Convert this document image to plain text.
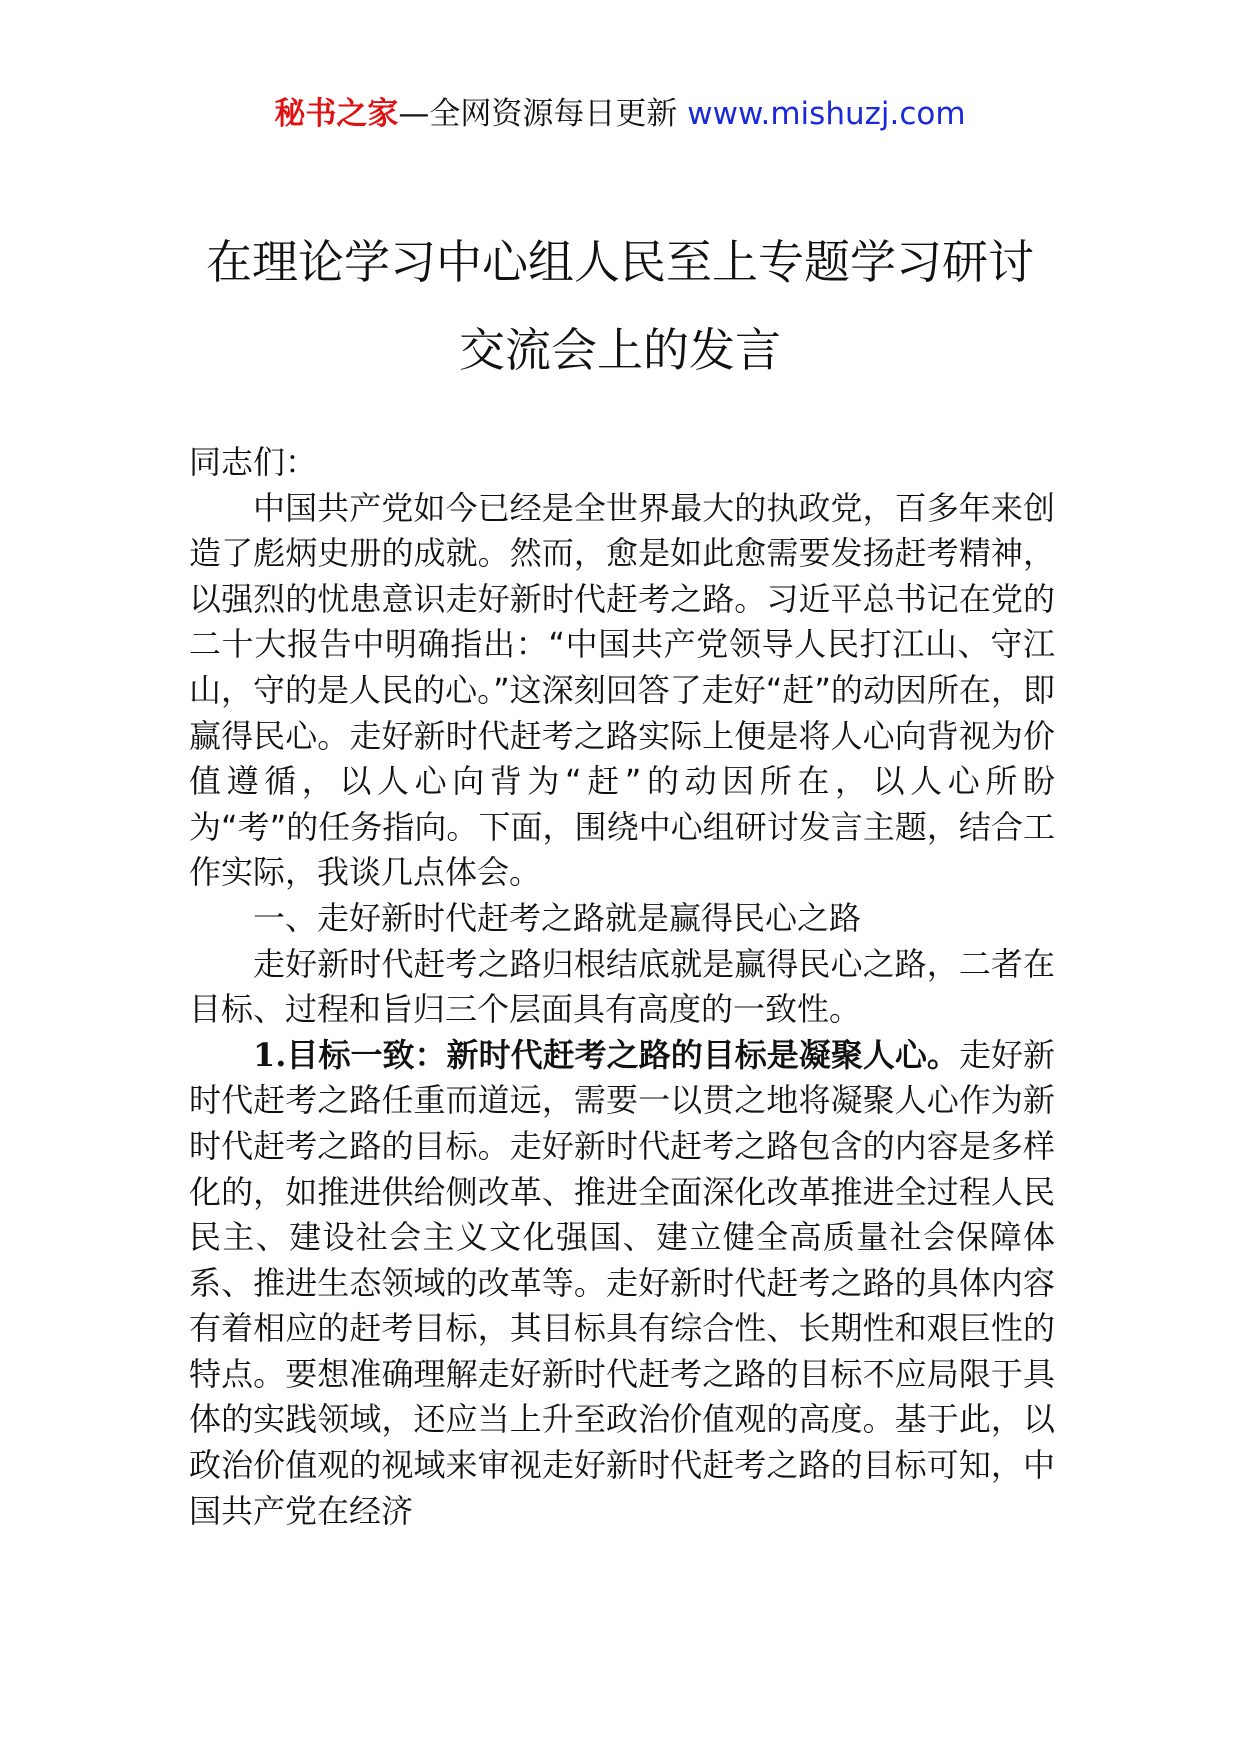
秘书之家—全网资源每日更新 www.mishuzj.com
在理论学习中心组人民至上专题学习研讨
交流会上的发言

同志们：

中国共产党如今已经是全世界最大的执政党，百多年来创造了彪炳史册的成就。然而，愈是如此愈需要发扬赶考精神，以强烈的忧患意识走好新时代赶考之路。习近平总书记在党的二十大报告中明确指出：“中国共产党领导人民打江山、守江山，守的是人民的心。”这深刻回答了走好“赶”的动因所在，即赢得民心。走好新时代赶考之路实际上便是将人心向背视为价值遵循，以人心向背为“赶”的动因所在，以人心所盼为“考”的任务指向。下面，围绕中心组研讨发言主题，结合工作实际，我谈几点体会。

一、走好新时代赶考之路就是赢得民心之路

走好新时代赶考之路归根结底就是赢得民心之路，二者在目标、过程和旨归三个层面具有高度的一致性。

1.目标一致：新时代赶考之路的目标是凝聚人心。走好新时代赶考之路任重而道远，需要一以贯之地将凝聚人心作为新时代赶考之路的目标。走好新时代赶考之路包含的内容是多样化的，如推进供给侧改革、推进全面深化改革推进全过程人民民主、建设社会主义文化强国、建立健全高质量社会保障体系、推进生态领域的改革等。走好新时代赶考之路的具体内容有着相应的赶考目标，其目标具有综合性、长期性和艰巨性的特点。要想准确理解走好新时代赶考之路的目标不应局限于具体的实践领域，还应当上升至政治价值观的高度。基于此，以政治价值观的视域来审视走好新时代赶考之路的目标可知，中国共产党在经济
